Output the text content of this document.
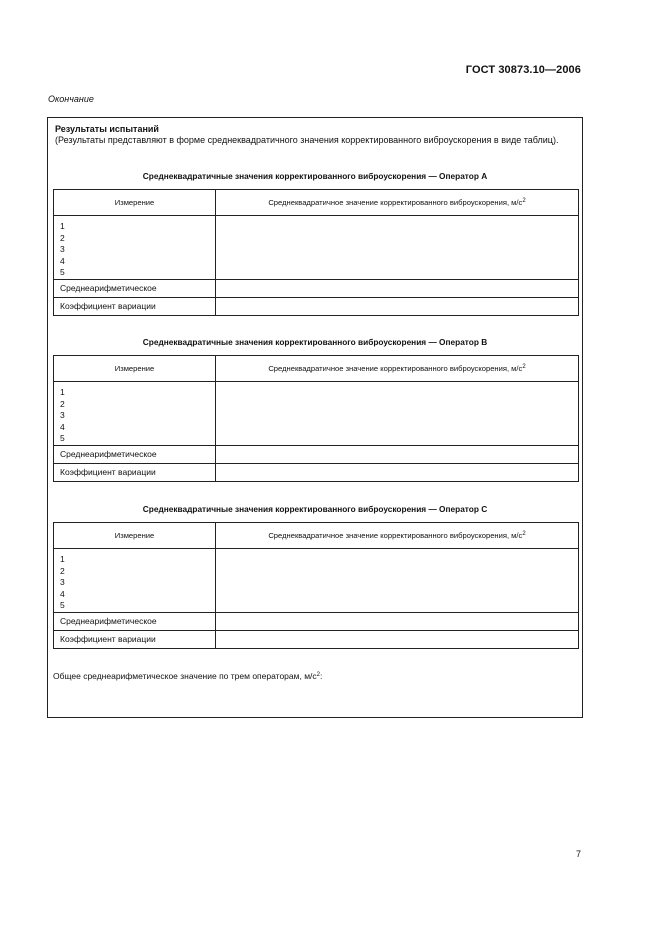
ГОСТ 30873.10—2006
Окончание
Результаты испытаний
(Результаты представляют в форме среднеквадратичного значения корректированного виброускорения в виде таблиц).
Среднеквадратичные значения корректированного виброускорения — Оператор А
Измерение	Среднеквадратичное значение корректированного виброускорения, $м/с^2$

1
2
3
4
5	

Среднеарифметическое	
Коэффициент вариации	
Среднеквадратичные значения корректированного виброускорения — Оператор В
Измерение	Среднеквадратичное значение корректированного виброускорения, $м/с^2$

1
2
3
4
5	

Среднеарифметическое	
Коэффициент вариации	
Среднеквадратичные значения корректированного виброускорения — Оператор С
Измерение	Среднеквадратичное значение корректированного виброускорения, $м/с^2$

1
2
3
4
5	

Среднеарифметическое	
Коэффициент вариации	
Общее среднеарифметическое значение по трем операторам, $м/с^2$:
7
